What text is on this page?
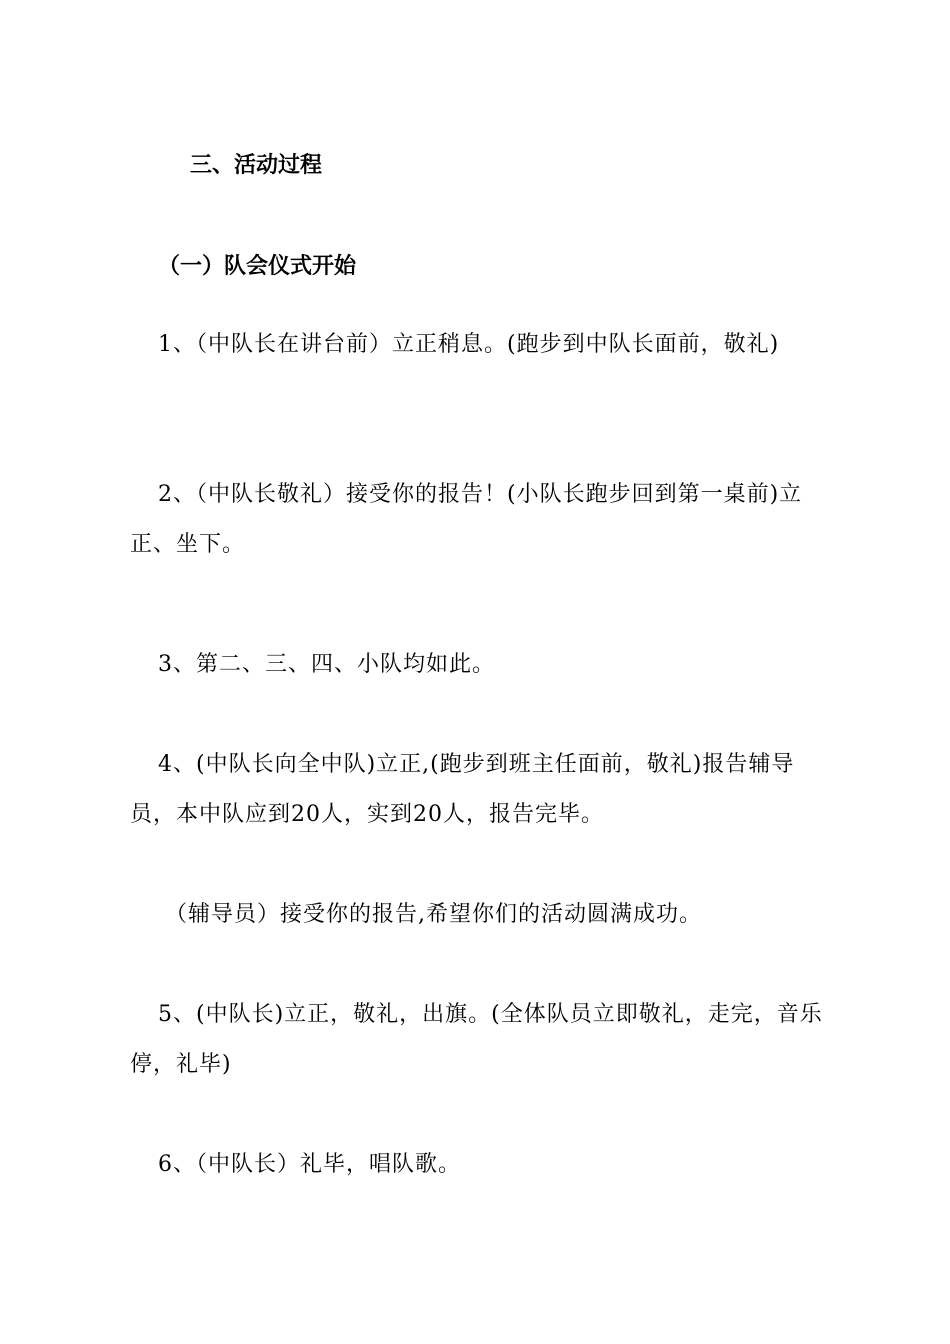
三、活动过程
（一）队会仪式开始

1、（中队长在讲台前）立正稍息。(跑步到中队长面前，敬礼)

2、（中队长敬礼）接受你的报告！(小队长跑步回到第一桌前)立正、坐下。

3、第二、三、四、小队均如此。

4、(中队长向全中队)立正,(跑步到班主任面前，敬礼)报告辅导员，本中队应到20人，实到20人，报告完毕。

（辅导员）接受你的报告,希望你们的活动圆满成功。

5、(中队长)立正，敬礼，出旗。(全体队员立即敬礼，走完，音乐停，礼毕)

6、（中队长）礼毕，唱队歌。
